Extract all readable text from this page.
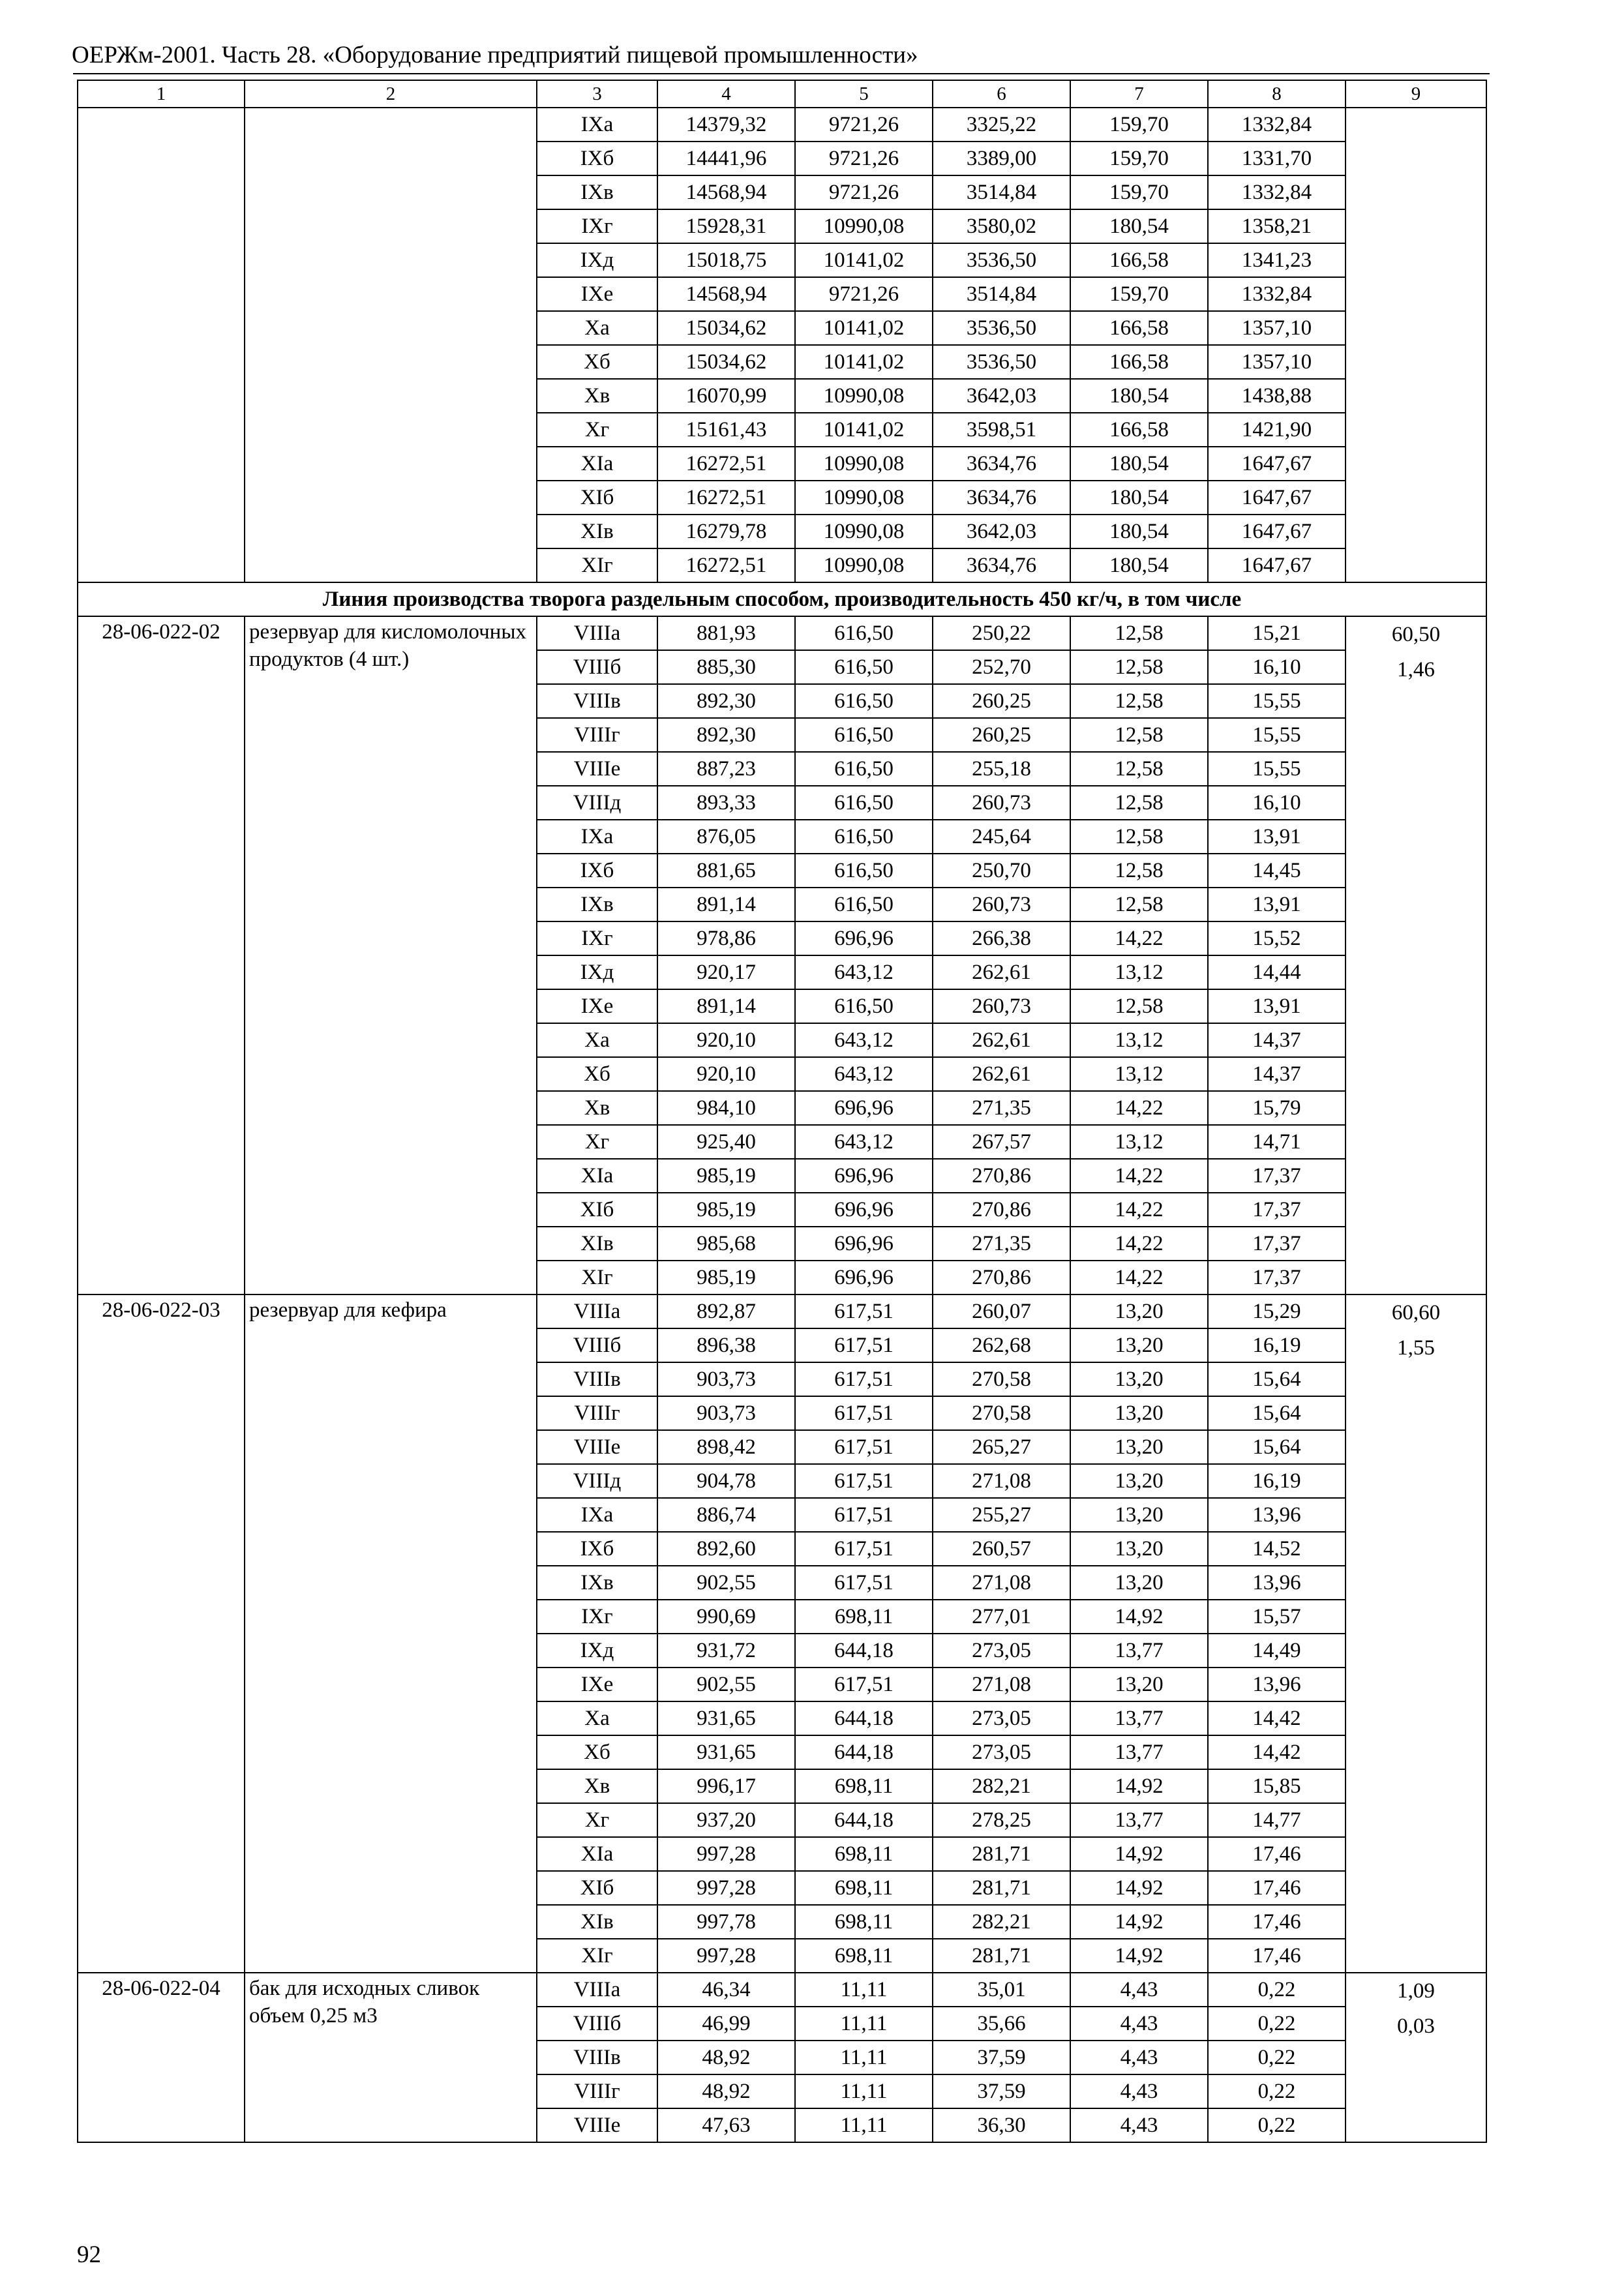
ОЕРЖм-2001. Часть 28. «Оборудование предприятий пищевой промышленности»
1	2	3	4	5	6	7	8	9
		IXа	14379,32	9721,26	3325,22	159,70	1332,84	
		IXб	14441,96	9721,26	3389,00	159,70	1331,70	
		IXв	14568,94	9721,26	3514,84	159,70	1332,84	
		IXг	15928,31	10990,08	3580,02	180,54	1358,21	
		IXд	15018,75	10141,02	3536,50	166,58	1341,23	
		IXе	14568,94	9721,26	3514,84	159,70	1332,84	
		Xа	15034,62	10141,02	3536,50	166,58	1357,10	
		Xб	15034,62	10141,02	3536,50	166,58	1357,10	
		Xв	16070,99	10990,08	3642,03	180,54	1438,88	
		Xг	15161,43	10141,02	3598,51	166,58	1421,90	
		XIа	16272,51	10990,08	3634,76	180,54	1647,67	
		XIб	16272,51	10990,08	3634,76	180,54	1647,67	
		XIв	16279,78	10990,08	3642,03	180,54	1647,67	
		XIг	16272,51	10990,08	3634,76	180,54	1647,67	
Линия производства творога раздельным способом, производительность 450 кг/ч, в том числе								
28-06-022-02	резервуар для кисломолочных продуктов (4 шт.)	VIIIа	881,93	616,50	250,22	12,58	15,21	60,50
1,46

		VIIIб	885,30	616,50	252,70	12,58	16,10	
		VIIIв	892,30	616,50	260,25	12,58	15,55	
		VIIIг	892,30	616,50	260,25	12,58	15,55	
		VIIIе	887,23	616,50	255,18	12,58	15,55	
		VIIIд	893,33	616,50	260,73	12,58	16,10	
		IXа	876,05	616,50	245,64	12,58	13,91	
		IXб	881,65	616,50	250,70	12,58	14,45	
		IXв	891,14	616,50	260,73	12,58	13,91	
		IXг	978,86	696,96	266,38	14,22	15,52	
		IXд	920,17	643,12	262,61	13,12	14,44	
		IXе	891,14	616,50	260,73	12,58	13,91	
		Xа	920,10	643,12	262,61	13,12	14,37	
		Xб	920,10	643,12	262,61	13,12	14,37	
		Xв	984,10	696,96	271,35	14,22	15,79	
		Xг	925,40	643,12	267,57	13,12	14,71	
		XIа	985,19	696,96	270,86	14,22	17,37	
		XIб	985,19	696,96	270,86	14,22	17,37	
		XIв	985,68	696,96	271,35	14,22	17,37	
		XIг	985,19	696,96	270,86	14,22	17,37	
28-06-022-03	резервуар для кефира	VIIIа	892,87	617,51	260,07	13,20	15,29	60,60
1,55

		VIIIб	896,38	617,51	262,68	13,20	16,19	
		VIIIв	903,73	617,51	270,58	13,20	15,64	
		VIIIг	903,73	617,51	270,58	13,20	15,64	
		VIIIе	898,42	617,51	265,27	13,20	15,64	
		VIIIд	904,78	617,51	271,08	13,20	16,19	
		IXа	886,74	617,51	255,27	13,20	13,96	
		IXб	892,60	617,51	260,57	13,20	14,52	
		IXв	902,55	617,51	271,08	13,20	13,96	
		IXг	990,69	698,11	277,01	14,92	15,57	
		IXд	931,72	644,18	273,05	13,77	14,49	
		IXе	902,55	617,51	271,08	13,20	13,96	
		Xа	931,65	644,18	273,05	13,77	14,42	
		Xб	931,65	644,18	273,05	13,77	14,42	
		Xв	996,17	698,11	282,21	14,92	15,85	
		Xг	937,20	644,18	278,25	13,77	14,77	
		XIа	997,28	698,11	281,71	14,92	17,46	
		XIб	997,28	698,11	281,71	14,92	17,46	
		XIв	997,78	698,11	282,21	14,92	17,46	
		XIг	997,28	698,11	281,71	14,92	17,46	
28-06-022-04	бак для исходных сливок объем 0,25 м3	VIIIа	46,34	11,11	35,01	4,43	0,22	1,09
0,03

		VIIIб	46,99	11,11	35,66	4,43	0,22	
		VIIIв	48,92	11,11	37,59	4,43	0,22	
		VIIIг	48,92	11,11	37,59	4,43	0,22	
		VIIIе	47,63	11,11	36,30	4,43	0,22	
92
